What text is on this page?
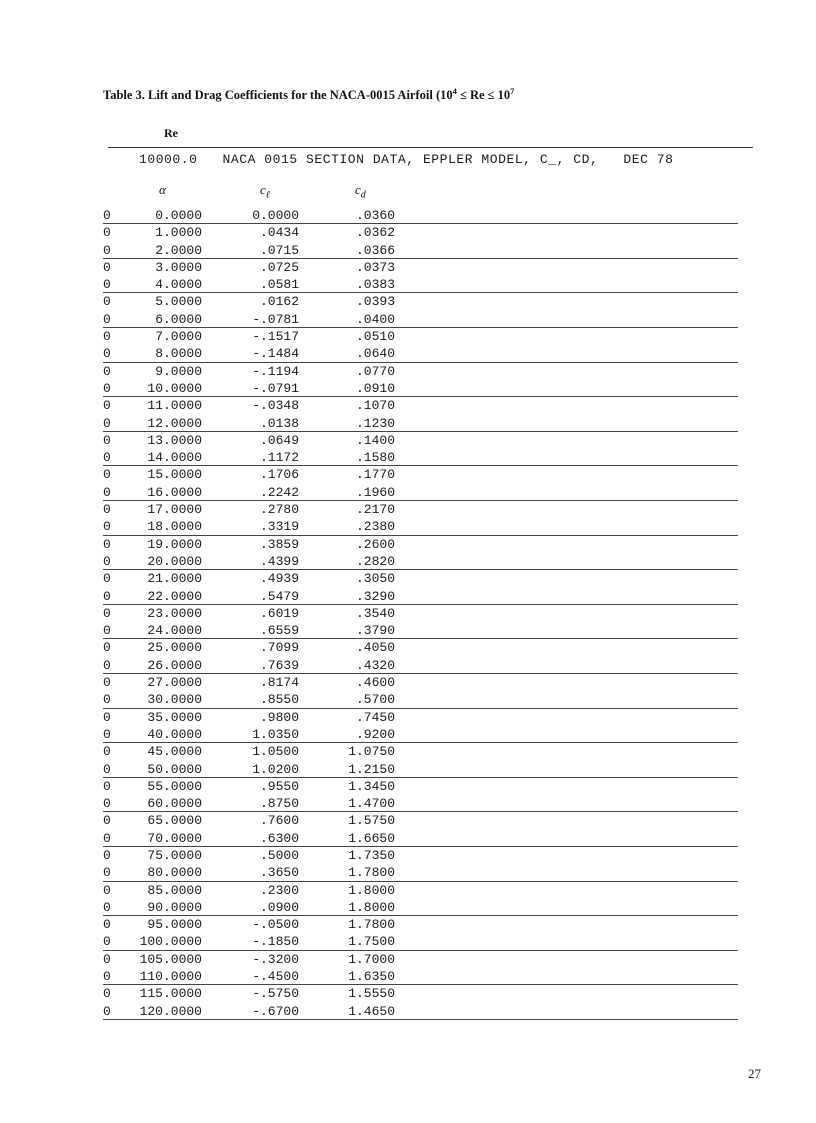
Table 3. Lift and Drag Coefficients for the NACA-0015 Airfoil ($10^4 \le Re \le 10^7$
Re
10000.0   NACA 0015 SECTION DATA, EPPLER MODEL, C_, CD,   DEC 78
α	$c_\ell$	$c_d$
0	0.0000	0.0000	.0360
0	1.0000	.0434	.0362
0	2.0000	.0715	.0366
0	3.0000	.0725	.0373
0	4.0000	.0581	.0383
0	5.0000	.0162	.0393
0	6.0000	-.0781	.0400
0	7.0000	-.1517	.0510
0	8.0000	-.1484	.0640
0	9.0000	-.1194	.0770
0	10.0000	-.0791	.0910
0	11.0000	-.0348	.1070
0	12.0000	.0138	.1230
0	13.0000	.0649	.1400
0	14.0000	.1172	.1580
0	15.0000	.1706	.1770
0	16.0000	.2242	.1960
0	17.0000	.2780	.2170
0	18.0000	.3319	.2380
0	19.0000	.3859	.2600
0	20.0000	.4399	.2820
0	21.0000	.4939	.3050
0	22.0000	.5479	.3290
0	23.0000	.6019	.3540
0	24.0000	.6559	.3790
0	25.0000	.7099	.4050
0	26.0000	.7639	.4320
0	27.0000	.8174	.4600
0	30.0000	.8550	.5700
0	35.0000	.9800	.7450
0	40.0000	1.0350	.9200
0	45.0000	1.0500	1.0750
0	50.0000	1.0200	1.2150
0	55.0000	.9550	1.3450
0	60.0000	.8750	1.4700
0	65.0000	.7600	1.5750
0	70.0000	.6300	1.6650
0	75.0000	.5000	1.7350
0	80.0000	.3650	1.7800
0	85.0000	.2300	1.8000
0	90.0000	.0900	1.8000
0	95.0000	-.0500	1.7800
0	100.0000	-.1850	1.7500
0	105.0000	-.3200	1.7000
0	110.0000	-.4500	1.6350
0	115.0000	-.5750	1.5550
0	120.0000	-.6700	1.4650
27
